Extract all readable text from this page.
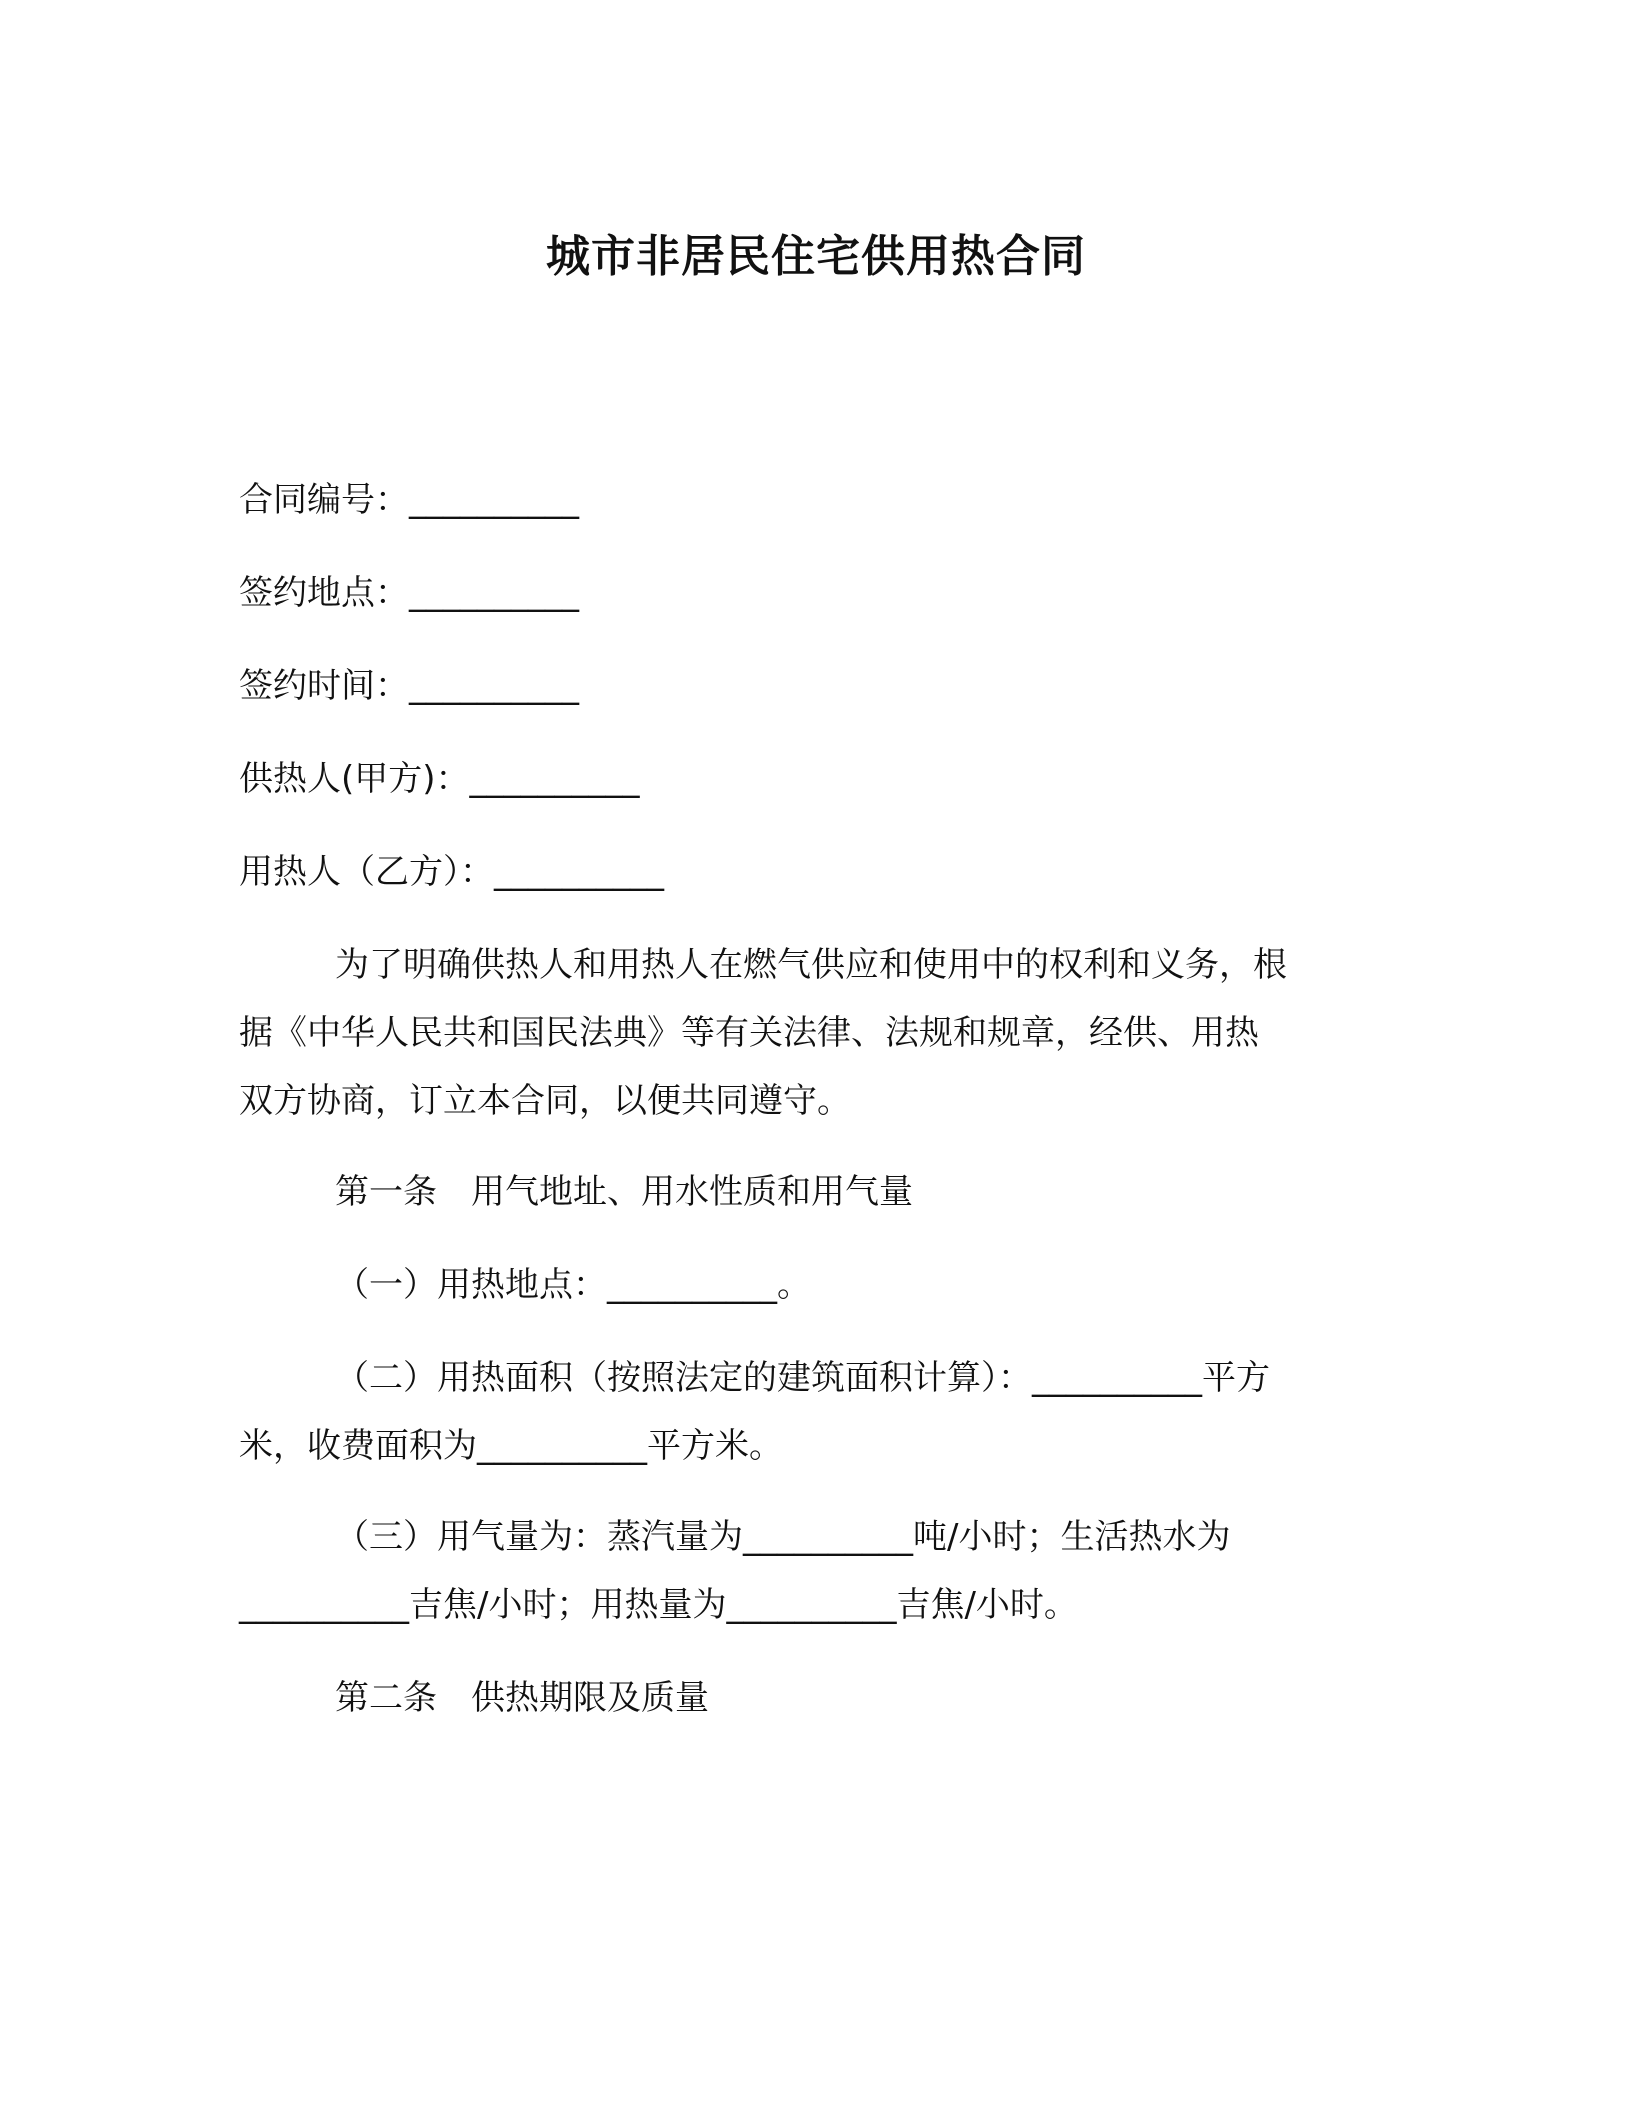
城市非居民住宅供用热合同
合同编号：__________
签约地点：__________
签约时间：__________
供热人(甲方)：__________
用热人（乙方）：__________
为了明确供热人和用热人在燃气供应和使用中的权利和义务，根
据《中华人民共和国民法典》等有关法律、法规和规章，经供、用热
双方协商，订立本合同，以便共同遵守。
第一条　用气地址、用水性质和用气量
（一）用热地点：__________。
（二）用热面积（按照法定的建筑面积计算）：__________平方
米，收费面积为__________平方米。
（三）用气量为：蒸汽量为__________吨/小时；生活热水为
__________吉焦/小时；用热量为__________吉焦/小时。
第二条　供热期限及质量
